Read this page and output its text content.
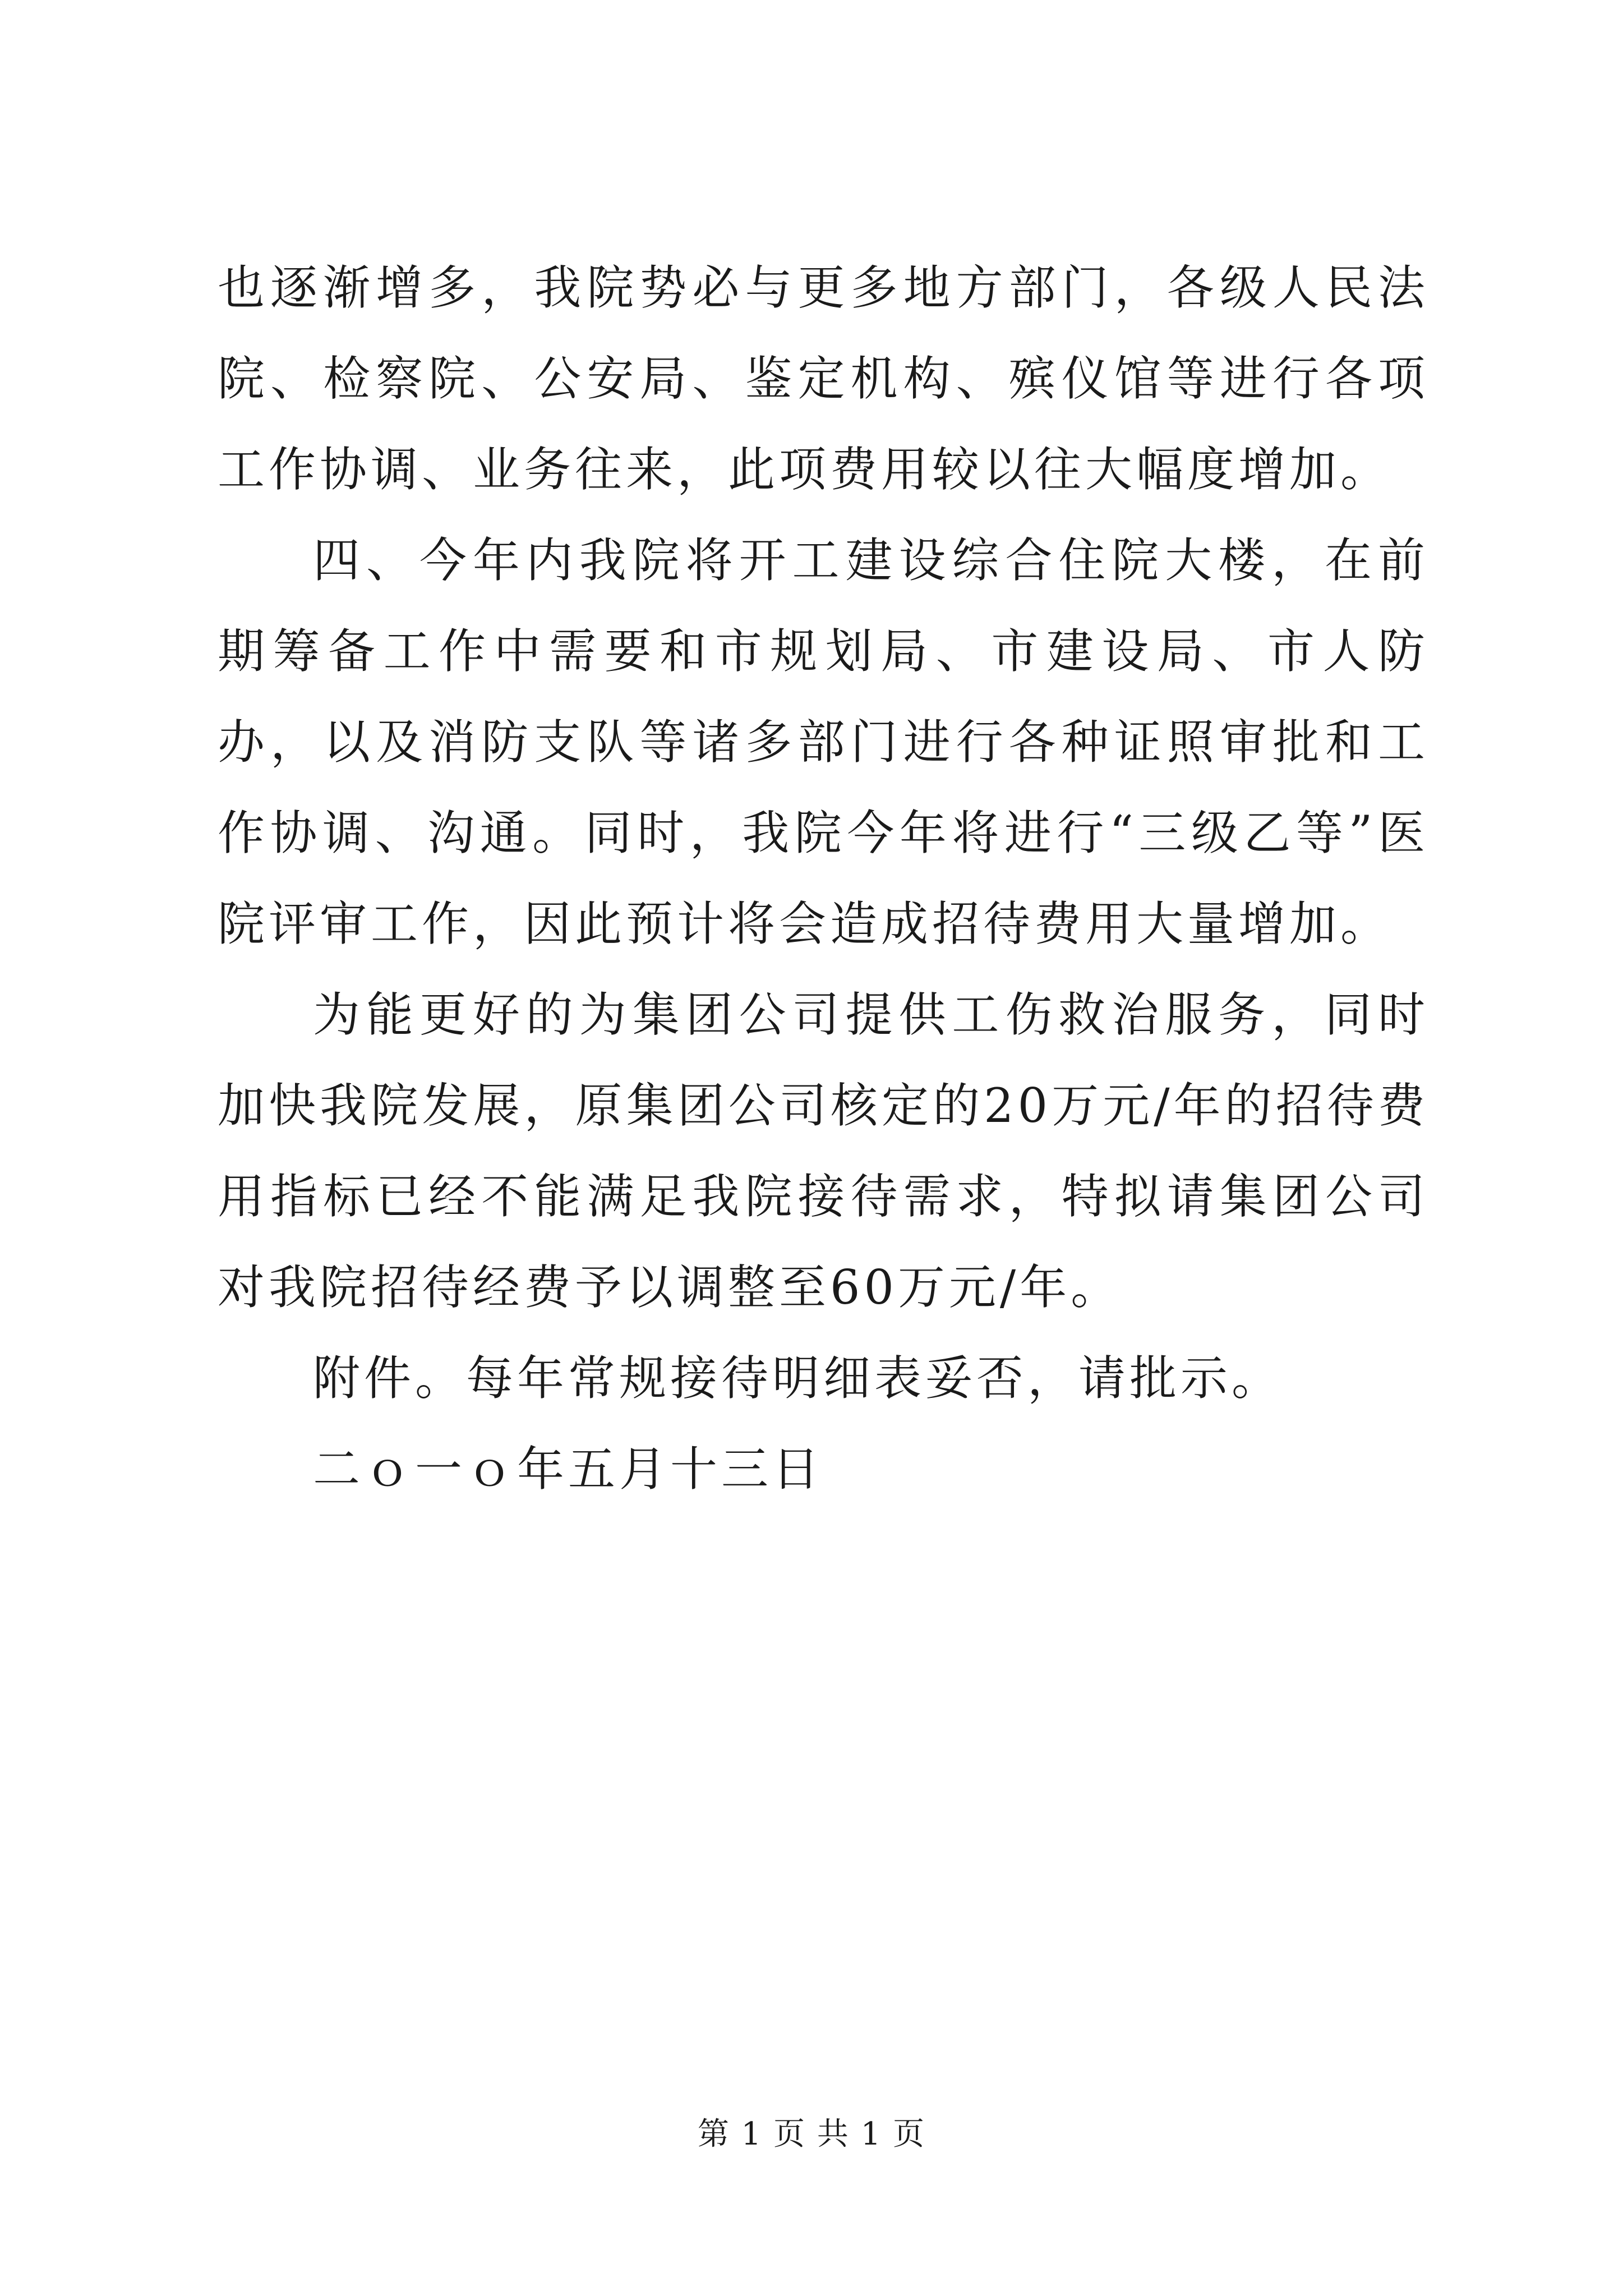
也逐渐增多，我院势必与更多地方部门，各级人民法院、检察院、公安局、鉴定机构、殡仪馆等进行各项工作协调、业务往来，此项费用较以往大幅度增加。

四、今年内我院将开工建设综合住院大楼，在前期筹备工作中需要和市规划局、市建设局、市人防办，以及消防支队等诸多部门进行各种证照审批和工作协调、沟通。同时，我院今年将进行“三级乙等”医院评审工作，因此预计将会造成招待费用大量增加。

为能更好的为集团公司提供工伤救治服务，同时加快我院发展，原集团公司核定的20万元/年的招待费用指标已经不能满足我院接待需求，特拟请集团公司对我院招待经费予以调整至60万元/年。

附件。每年常规接待明细表妥否，请批示。

二ｏ一ｏ年五月十三日

第 1 页 共 1 页
